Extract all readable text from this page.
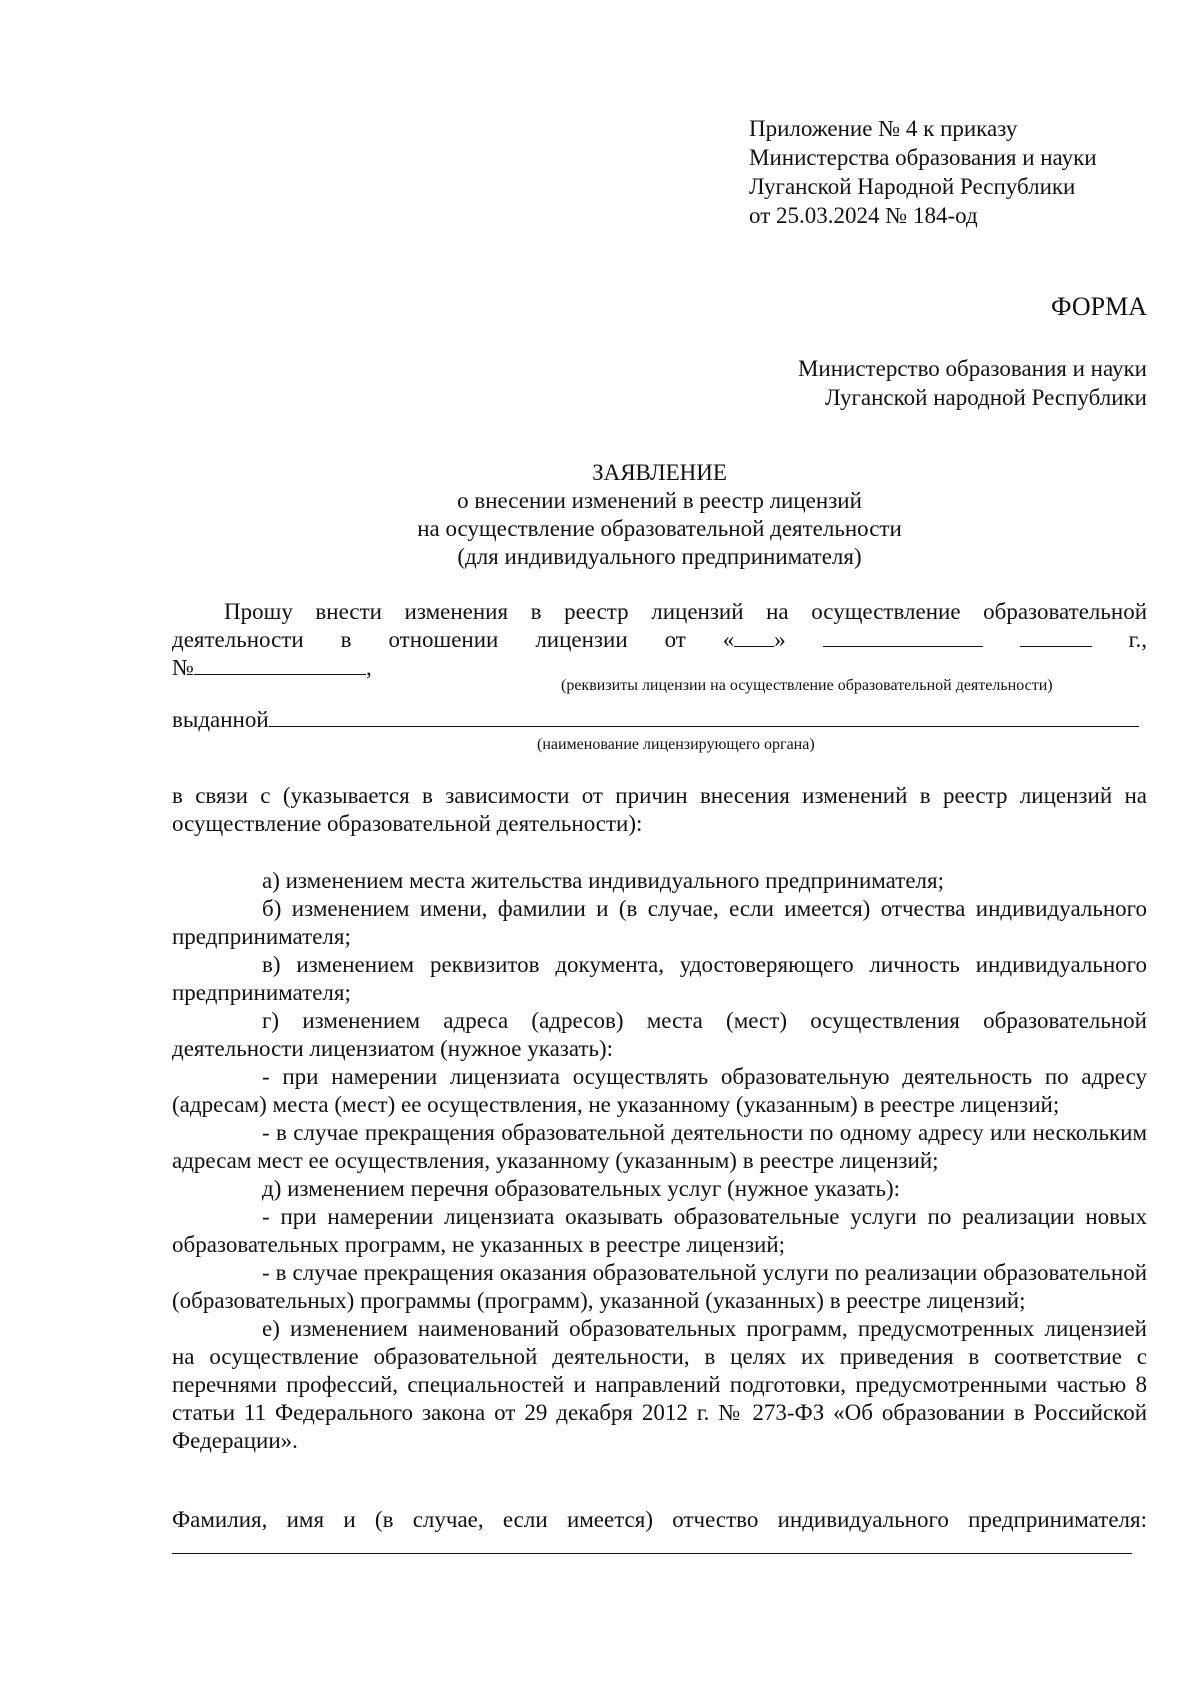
Приложение № 4 к приказу
Министерства образования и науки
Луганской Народной Республики
от 25.03.2024 № 184-од
ФОРМА
Министерство образования и науки
Луганской народной Республики
ЗАЯВЛЕНИЕ
о внесении изменений в реестр лицензий
на осуществление образовательной деятельности
(для индивидуального предпринимателя)
Прошу внести изменения в реестр лицензий на осуществление образовательной
деятельности в отношении лицензии от « »	г.,
№	,
(реквизиты лицензии на осуществление образовательной деятельности)
выданной
(наименование лицензирующего органа)
в связи с (указывается в зависимости от причин внесения изменений в реестр лицензий на осуществление образовательной деятельности):
а) изменением места жительства индивидуального предпринимателя;
б) изменением имени, фамилии и (в случае, если имеется) отчества индивидуального предпринимателя;
в) изменением реквизитов документа, удостоверяющего личность индивидуального предпринимателя;
г) изменением адреса (адресов) места (мест) осуществления образовательной деятельности лицензиатом (нужное указать):
- при намерении лицензиата осуществлять образовательную деятельность по адресу (адресам) места (мест) ее осуществления, не указанному (указанным) в реестре лицензий;
- в случае прекращения образовательной деятельности по одному адресу или нескольким адресам мест ее осуществления, указанному (указанным) в реестре лицензий;
д) изменением перечня образовательных услуг (нужное указать):
- при намерении лицензиата оказывать образовательные услуги по реализации новых образовательных программ, не указанных в реестре лицензий;
- в случае прекращения оказания образовательной услуги по реализации образовательной (образовательных) программы (программ), указанной (указанных) в реестре лицензий;
е) изменением наименований образовательных программ, предусмотренных лицензией на осуществление образовательной деятельности, в целях их приведения в соответствие с перечнями профессий, специальностей и направлений подготовки, предусмотренными частью 8 статьи 11 Федерального закона от 29 декабря 2012 г. № 273-ФЗ «Об образовании в Российской Федерации».
Фамилия, имя и (в случае, если имеется) отчество индивидуального предпринимателя:
